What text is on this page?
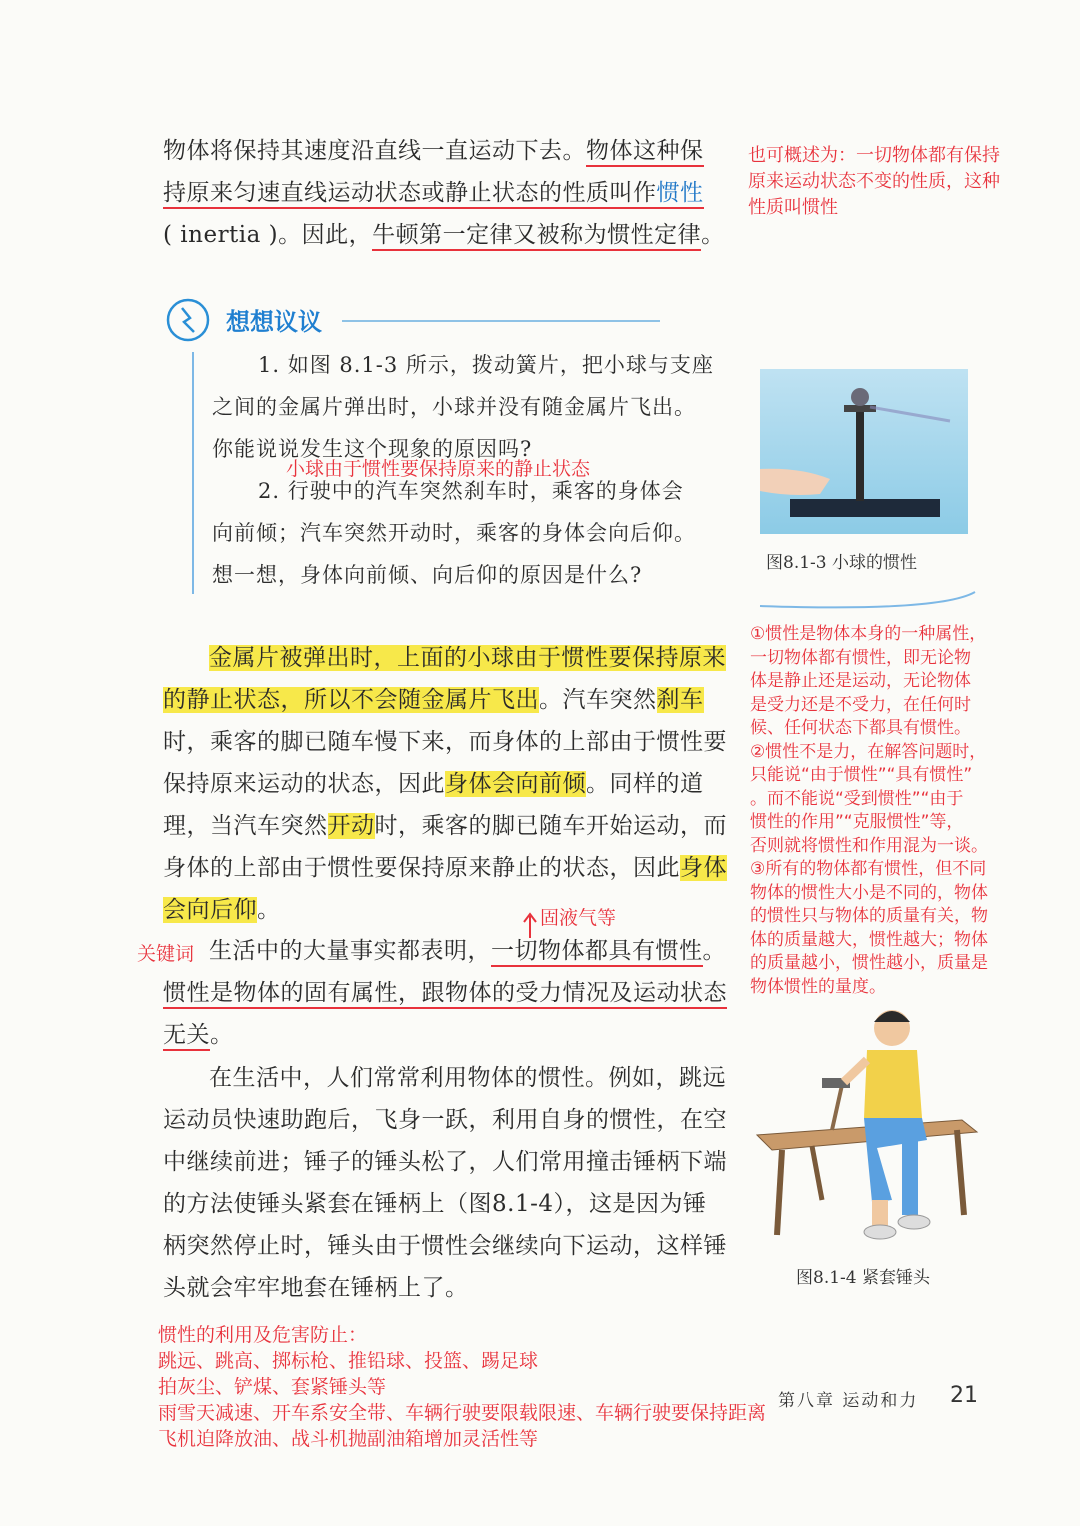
物体将保持其速度沿直线一直运动下去。物体这种保
持原来匀速直线运动状态或静止状态的性质叫作惯性
( inertia )。因此，牛顿第一定律又被称为惯性定律。
也可概述为：一切物体都有保持
原来运动状态不变的性质，这种
性质叫惯性
想想议议
1. 如图 8.1-3 所示，拨动簧片，把小球与支座
之间的金属片弹出时，小球并没有随金属片飞出。
你能说说发生这个现象的原因吗?
小球由于惯性要保持原来的静止状态
2. 行驶中的汽车突然刹车时，乘客的身体会
向前倾；汽车突然开动时，乘客的身体会向后仰。
想一想，身体向前倾、向后仰的原因是什么?	图8.1-3 小球的惯性
金属片被弹出时，上面的小球由于惯性要保持原来
的静止状态，所以不会随金属片飞出。汽车突然刹车
时，乘客的脚已随车慢下来，而身体的上部由于惯性要
保持原来运动的状态，因此身体会向前倾。同样的道
理，当汽车突然开动时，乘客的脚已随车开始运动，而
身体的上部由于惯性要保持原来静止的状态，因此身体
会向后仰。
①惯性是物体本身的一种属性，
一切物体都有惯性，即无论物
体是静止还是运动，无论物体
是受力还是不受力，在任何时
候、任何状态下都具有惯性。
②惯性不是力，在解答问题时，
只能说“由于惯性”“具有惯性”
。而不能说“受到惯性”“由于
惯性的作用”“克服惯性”等，
否则就将惯性和作用混为一谈。
③所有的物体都有惯性，但不同
物体的惯性大小是不同的，物体
的惯性只与物体的质量有关，物
体的质量越大，惯性越大；物体
的质量越小，惯性越小，质量是
物体惯性的量度。
固液气等
关键词 生活中的大量事实都表明，一切物体都具有惯性。
惯性是物体的固有属性，跟物体的受力情况及运动状态
无关。
在生活中，人们常常利用物体的惯性。例如，跳远
运动员快速助跑后，飞身一跃，利用自身的惯性，在空
中继续前进；锤子的锤头松了，人们常用撞击锤柄下端
的方法使锤头紧套在锤柄上（图8.1-4），这是因为锤
柄突然停止时，锤头由于惯性会继续向下运动，这样锤
头就会牢牢地套在锤柄上了。	图8.1-4 紧套锤头
惯性的利用及危害防止：
跳远、跳高、掷标枪、推铅球、投篮、踢足球
拍灰尘、铲煤、套紧锤头等
雨雪天减速、开车系安全带、车辆行驶要限载限速、车辆行驶要保持距离
飞机迫降放油、战斗机抛副油箱增加灵活性等
第八章 运动和力 21
